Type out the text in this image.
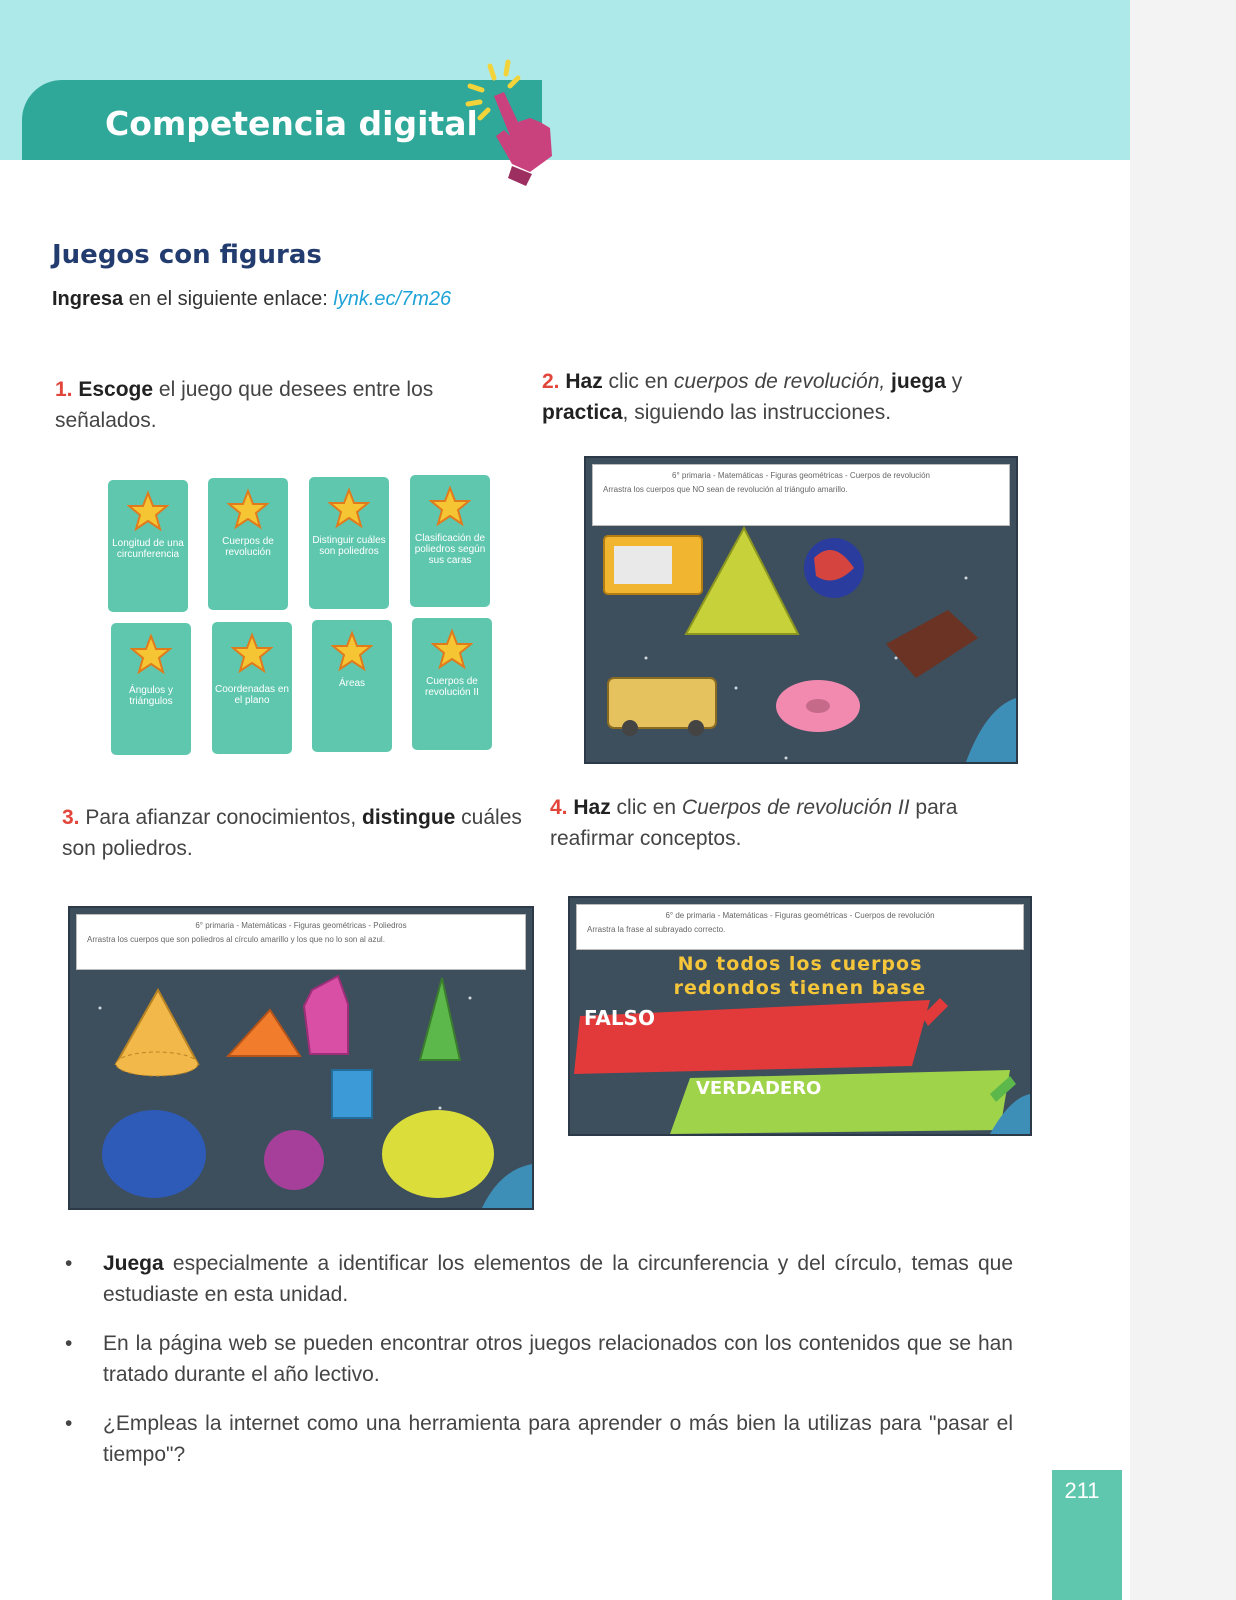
Competencia digital
Juegos con figuras
Ingresa en el siguiente enlace: lynk.ec/7m26
1. Escoge el juego que desees entre los señalados.
2. Haz clic en cuerpos de revolución, juega y practica, siguiendo las instrucciones.
Longitud de una circunferencia
Cuerpos de revolución
Distinguir cuáles son poliedros
Clasificación de poliedros según sus caras
Ángulos y triángulos
Coordenadas en el plano
Áreas	Cuerpos de revolución II
6° primaria - Matemáticas - Figuras geométricas - Cuerpos de revolución
Arrastra los cuerpos que NO sean de revolución al triángulo amarillo.
3. Para afianzar conocimientos, distingue cuáles son poliedros.
4. Haz clic en Cuerpos de revolución II para reafirmar conceptos.
6° primaria - Matemáticas - Figuras geométricas - Poliedros
Arrastra los cuerpos que son poliedros al círculo amarillo y los que no lo son al azul.
6° de primaria - Matemáticas - Figuras geométricas - Cuerpos de revolución
Arrastra la frase al subrayado correcto.
No todos los cuerpos
redondos tienen base
FALSO
VERDADERO
• Juega especialmente a identificar los elementos de la circunferencia y del círculo, temas que estudiaste en esta unidad.
• En la página web se pueden encontrar otros juegos relacionados con los contenidos que se han tratado durante el año lectivo.
• ¿Empleas la internet como una herramienta para aprender o más bien la utilizas para "pasar el tiempo"?
211
